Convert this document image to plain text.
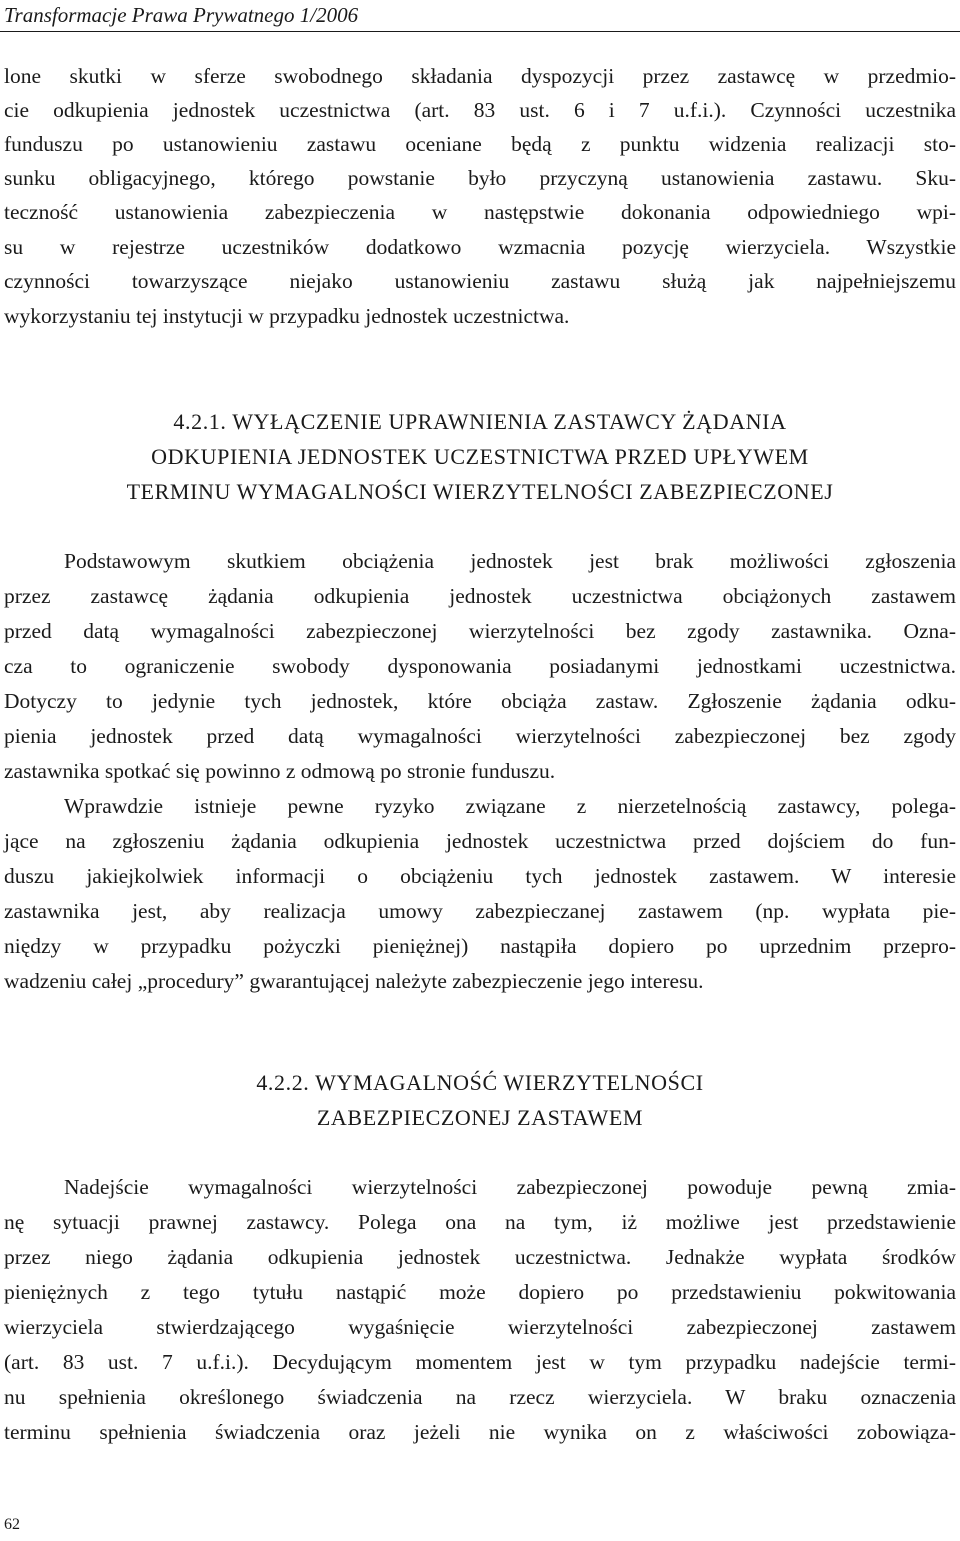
Transformacje Prawa Prywatnego 1/2006
lone skutki w sferze swobodnego składania dyspozycji przez zastawcę w przedmio-
cie odkupienia jednostek uczestnictwa (art. 83 ust. 6 i 7 u.f.i.). Czynności uczestnika
funduszu po ustanowieniu zastawu oceniane będą z punktu widzenia realizacji sto-
sunku obligacyjnego, którego powstanie było przyczyną ustanowienia zastawu. Sku-
teczność ustanowienia zabezpieczenia w następstwie dokonania odpowiedniego wpi-
su w rejestrze uczestników dodatkowo wzmacnia pozycję wierzyciela. Wszystkie
czynności towarzyszące niejako ustanowieniu zastawu służą jak najpełniejszemu
wykorzystaniu tej instytucji w przypadku jednostek uczestnictwa.
4.2.1. WYŁĄCZENIE UPRAWNIENIA ZASTAWCY ŻĄDANIA
ODKUPIENIA JEDNOSTEK UCZESTNICTWA PRZED UPŁYWEM
TERMINU WYMAGALNOŚCI WIERZYTELNOŚCI ZABEZPIECZONEJ
Podstawowym skutkiem obciążenia jednostek jest brak możliwości zgłoszenia
przez zastawcę żądania odkupienia jednostek uczestnictwa obciążonych zastawem
przed datą wymagalności zabezpieczonej wierzytelności bez zgody zastawnika. Ozna-
cza to ograniczenie swobody dysponowania posiadanymi jednostkami uczestnictwa.
Dotyczy to jedynie tych jednostek, które obciąża zastaw. Zgłoszenie żądania odku-
pienia jednostek przed datą wymagalności wierzytelności zabezpieczonej bez zgody
zastawnika spotkać się powinno z odmową po stronie funduszu.
Wprawdzie istnieje pewne ryzyko związane z nierzetelnością zastawcy, polega-
jące na zgłoszeniu żądania odkupienia jednostek uczestnictwa przed dojściem do fun-
duszu jakiejkolwiek informacji o obciążeniu tych jednostek zastawem. W interesie
zastawnika jest, aby realizacja umowy zabezpieczanej zastawem (np. wypłata pie-
niędzy w przypadku pożyczki pieniężnej) nastąpiła dopiero po uprzednim przepro-
wadzeniu całej „procedury” gwarantującej należyte zabezpieczenie jego interesu.
4.2.2. WYMAGALNOŚĆ WIERZYTELNOŚCI
ZABEZPIECZONEJ ZASTAWEM
Nadejście wymagalności wierzytelności zabezpieczonej powoduje pewną zmia-
nę sytuacji prawnej zastawcy. Polega ona na tym, iż możliwe jest przedstawienie
przez niego żądania odkupienia jednostek uczestnictwa. Jednakże wypłata środków
pieniężnych z tego tytułu nastąpić może dopiero po przedstawieniu pokwitowania
wierzyciela stwierdzającego wygaśnięcie wierzytelności zabezpieczonej zastawem
(art. 83 ust. 7 u.f.i.). Decydującym momentem jest w tym przypadku nadejście termi-
nu spełnienia określonego świadczenia na rzecz wierzyciela. W braku oznaczenia
terminu spełnienia świadczenia oraz jeżeli nie wynika on z właściwości zobowiąza-
62
